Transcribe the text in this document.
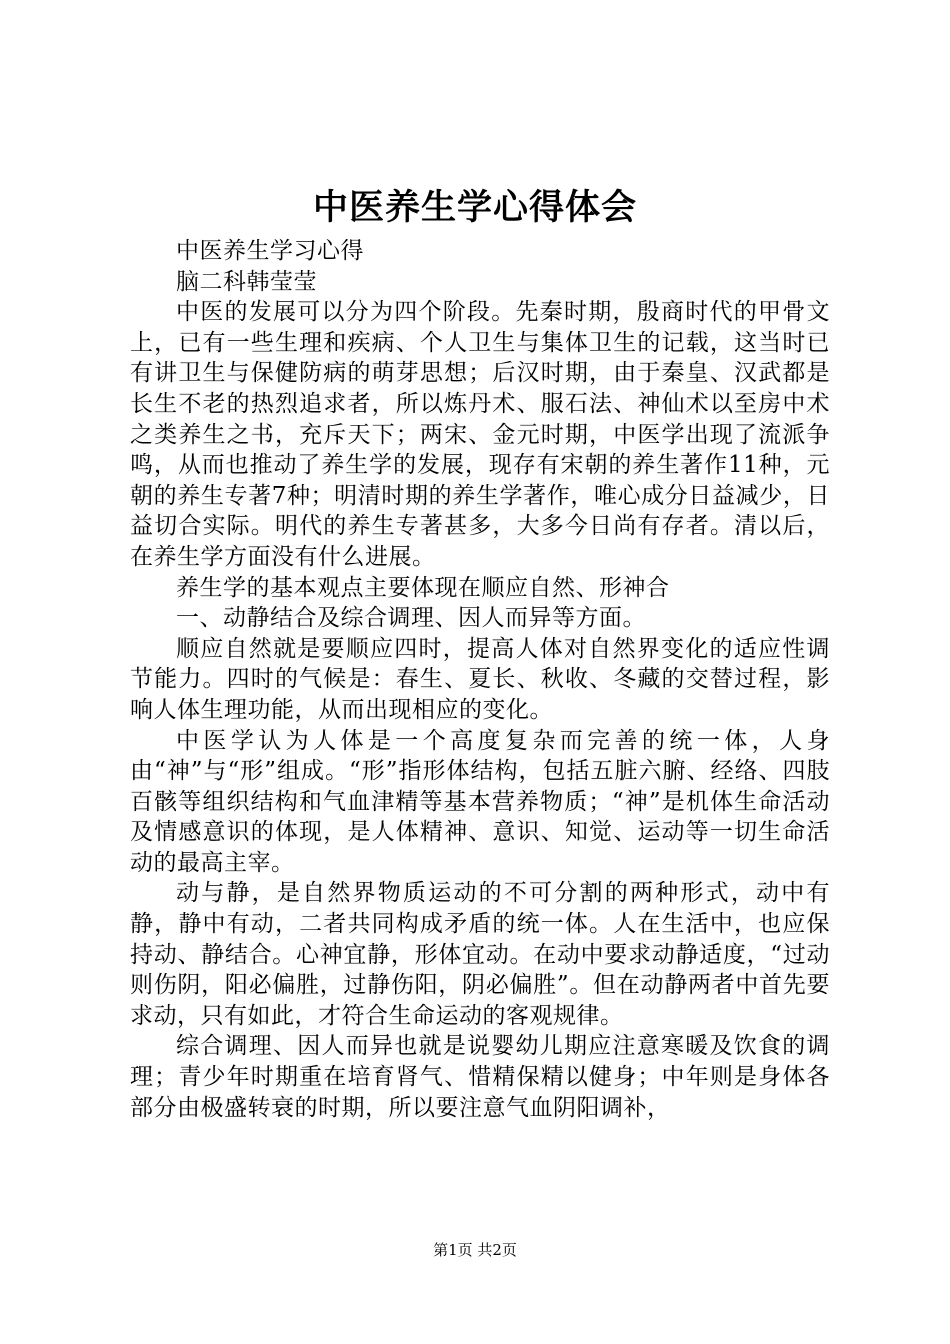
中医养生学心得体会

中医养生学习心得

脑二科韩莹莹

中医的发展可以分为四个阶段。先秦时期，殷商时代的甲骨文上，已有一些生理和疾病、个人卫生与集体卫生的记载，这当时已有讲卫生与保健防病的萌芽思想；后汉时期，由于秦皇、汉武都是长生不老的热烈追求者，所以炼丹术、服石法、神仙术以至房中术之类养生之书，充斥天下；两宋、金元时期，中医学出现了流派争鸣，从而也推动了养生学的发展，现存有宋朝的养生著作11种，元朝的养生专著7种；明清时期的养生学著作，唯心成分日益减少，日益切合实际。明代的养生专著甚多，大多今日尚有存者。清以后，在养生学方面没有什么进展。

养生学的基本观点主要体现在顺应自然、形神合

一、动静结合及综合调理、因人而异等方面。

顺应自然就是要顺应四时，提高人体对自然界变化的适应性调节能力。四时的气候是：春生、夏长、秋收、冬藏的交替过程，影响人体生理功能，从而出现相应的变化。

中医学认为人体是一个高度复杂而完善的统一体，人身由“神”与“形”组成。“形”指形体结构，包括五脏六腑、经络、四肢百骸等组织结构和气血津精等基本营养物质；“神”是机体生命活动及情感意识的体现，是人体精神、意识、知觉、运动等一切生命活动的最高主宰。

动与静，是自然界物质运动的不可分割的两种形式，动中有静，静中有动，二者共同构成矛盾的统一体。人在生活中，也应保持动、静结合。心神宜静，形体宜动。在动中要求动静适度，“过动则伤阴，阳必偏胜，过静伤阳，阴必偏胜”。但在动静两者中首先要求动，只有如此，才符合生命运动的客观规律。

综合调理、因人而异也就是说婴幼儿期应注意寒暖及饮食的调理；青少年时期重在培育肾气、惜精保精以健身；中年则是身体各部分由极盛转衰的时期，所以要注意气血阴阳调补，

第1页 共2页
